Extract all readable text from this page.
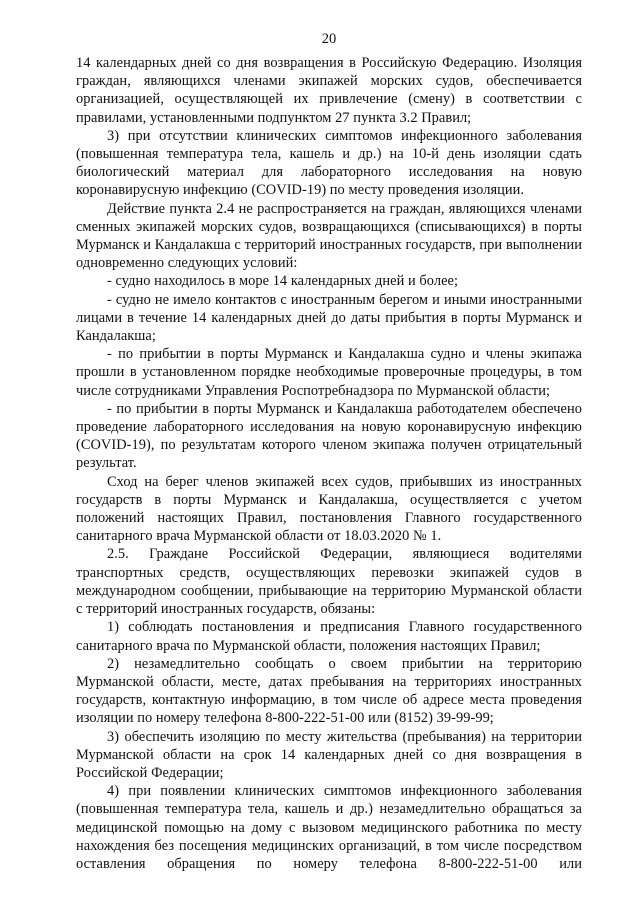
20

14 календарных дней со дня возвращения в Российскую Федерацию. Изоляция граждан, являющихся членами экипажей морских судов, обеспечивается организацией, осуществляющей их привлечение (смену) в соответствии с правилами, установленными подпунктом 27 пункта 3.2 Правил;

3) при отсутствии клинических симптомов инфекционного заболевания (повышенная температура тела, кашель и др.) на 10-й день изоляции сдать биологический материал для лабораторного исследования на новую коронавирусную инфекцию (COVID-19) по месту проведения изоляции.

Действие пункта 2.4 не распространяется на граждан, являющихся членами сменных экипажей морских судов, возвращающихся (списывающихся) в порты Мурманск и Кандалакша с территорий иностранных государств, при выполнении одновременно следующих условий:

- судно находилось в море 14 календарных дней и более;

- судно не имело контактов с иностранным берегом и иными иностранными лицами в течение 14 календарных дней до даты прибытия в порты Мурманск и Кандалакша;

- по прибытии в порты Мурманск и Кандалакша судно и члены экипажа прошли в установленном порядке необходимые проверочные процедуры, в том числе сотрудниками Управления Роспотребнадзора по Мурманской области;

- по прибытии в порты Мурманск и Кандалакша работодателем обеспечено проведение лабораторного исследования на новую коронавирусную инфекцию (COVID-19), по результатам которого членом экипажа получен отрицательный результат.

Сход на берег членов экипажей всех судов, прибывших из иностранных государств в порты Мурманск и Кандалакша, осуществляется с учетом положений настоящих Правил, постановления Главного государственного санитарного врача Мурманской области от 18.03.2020 № 1.

2.5. Граждане Российской Федерации, являющиеся водителями транспортных средств, осуществляющих перевозки экипажей судов в международном сообщении, прибывающие на территорию Мурманской области с территорий иностранных государств, обязаны:

1) соблюдать постановления и предписания Главного государственного санитарного врача по Мурманской области, положения настоящих Правил;

2) незамедлительно сообщать о своем прибытии на территорию Мурманской области, месте, датах пребывания на территориях иностранных государств, контактную информацию, в том числе об адресе места проведения изоляции по номеру телефона 8-800-222-51-00 или (8152) 39-99-99;

3) обеспечить изоляцию по месту жительства (пребывания) на территории Мурманской области на срок 14 календарных дней со дня возвращения в Российской Федерации;

4) при появлении клинических симптомов инфекционного заболевания (повышенная температура тела, кашель и др.) незамедлительно обращаться за медицинской помощью на дому с вызовом медицинского работника по месту нахождения без посещения медицинских организаций, в том числе посредством оставления обращения по номеру телефона 8-800-222-51-00 или
